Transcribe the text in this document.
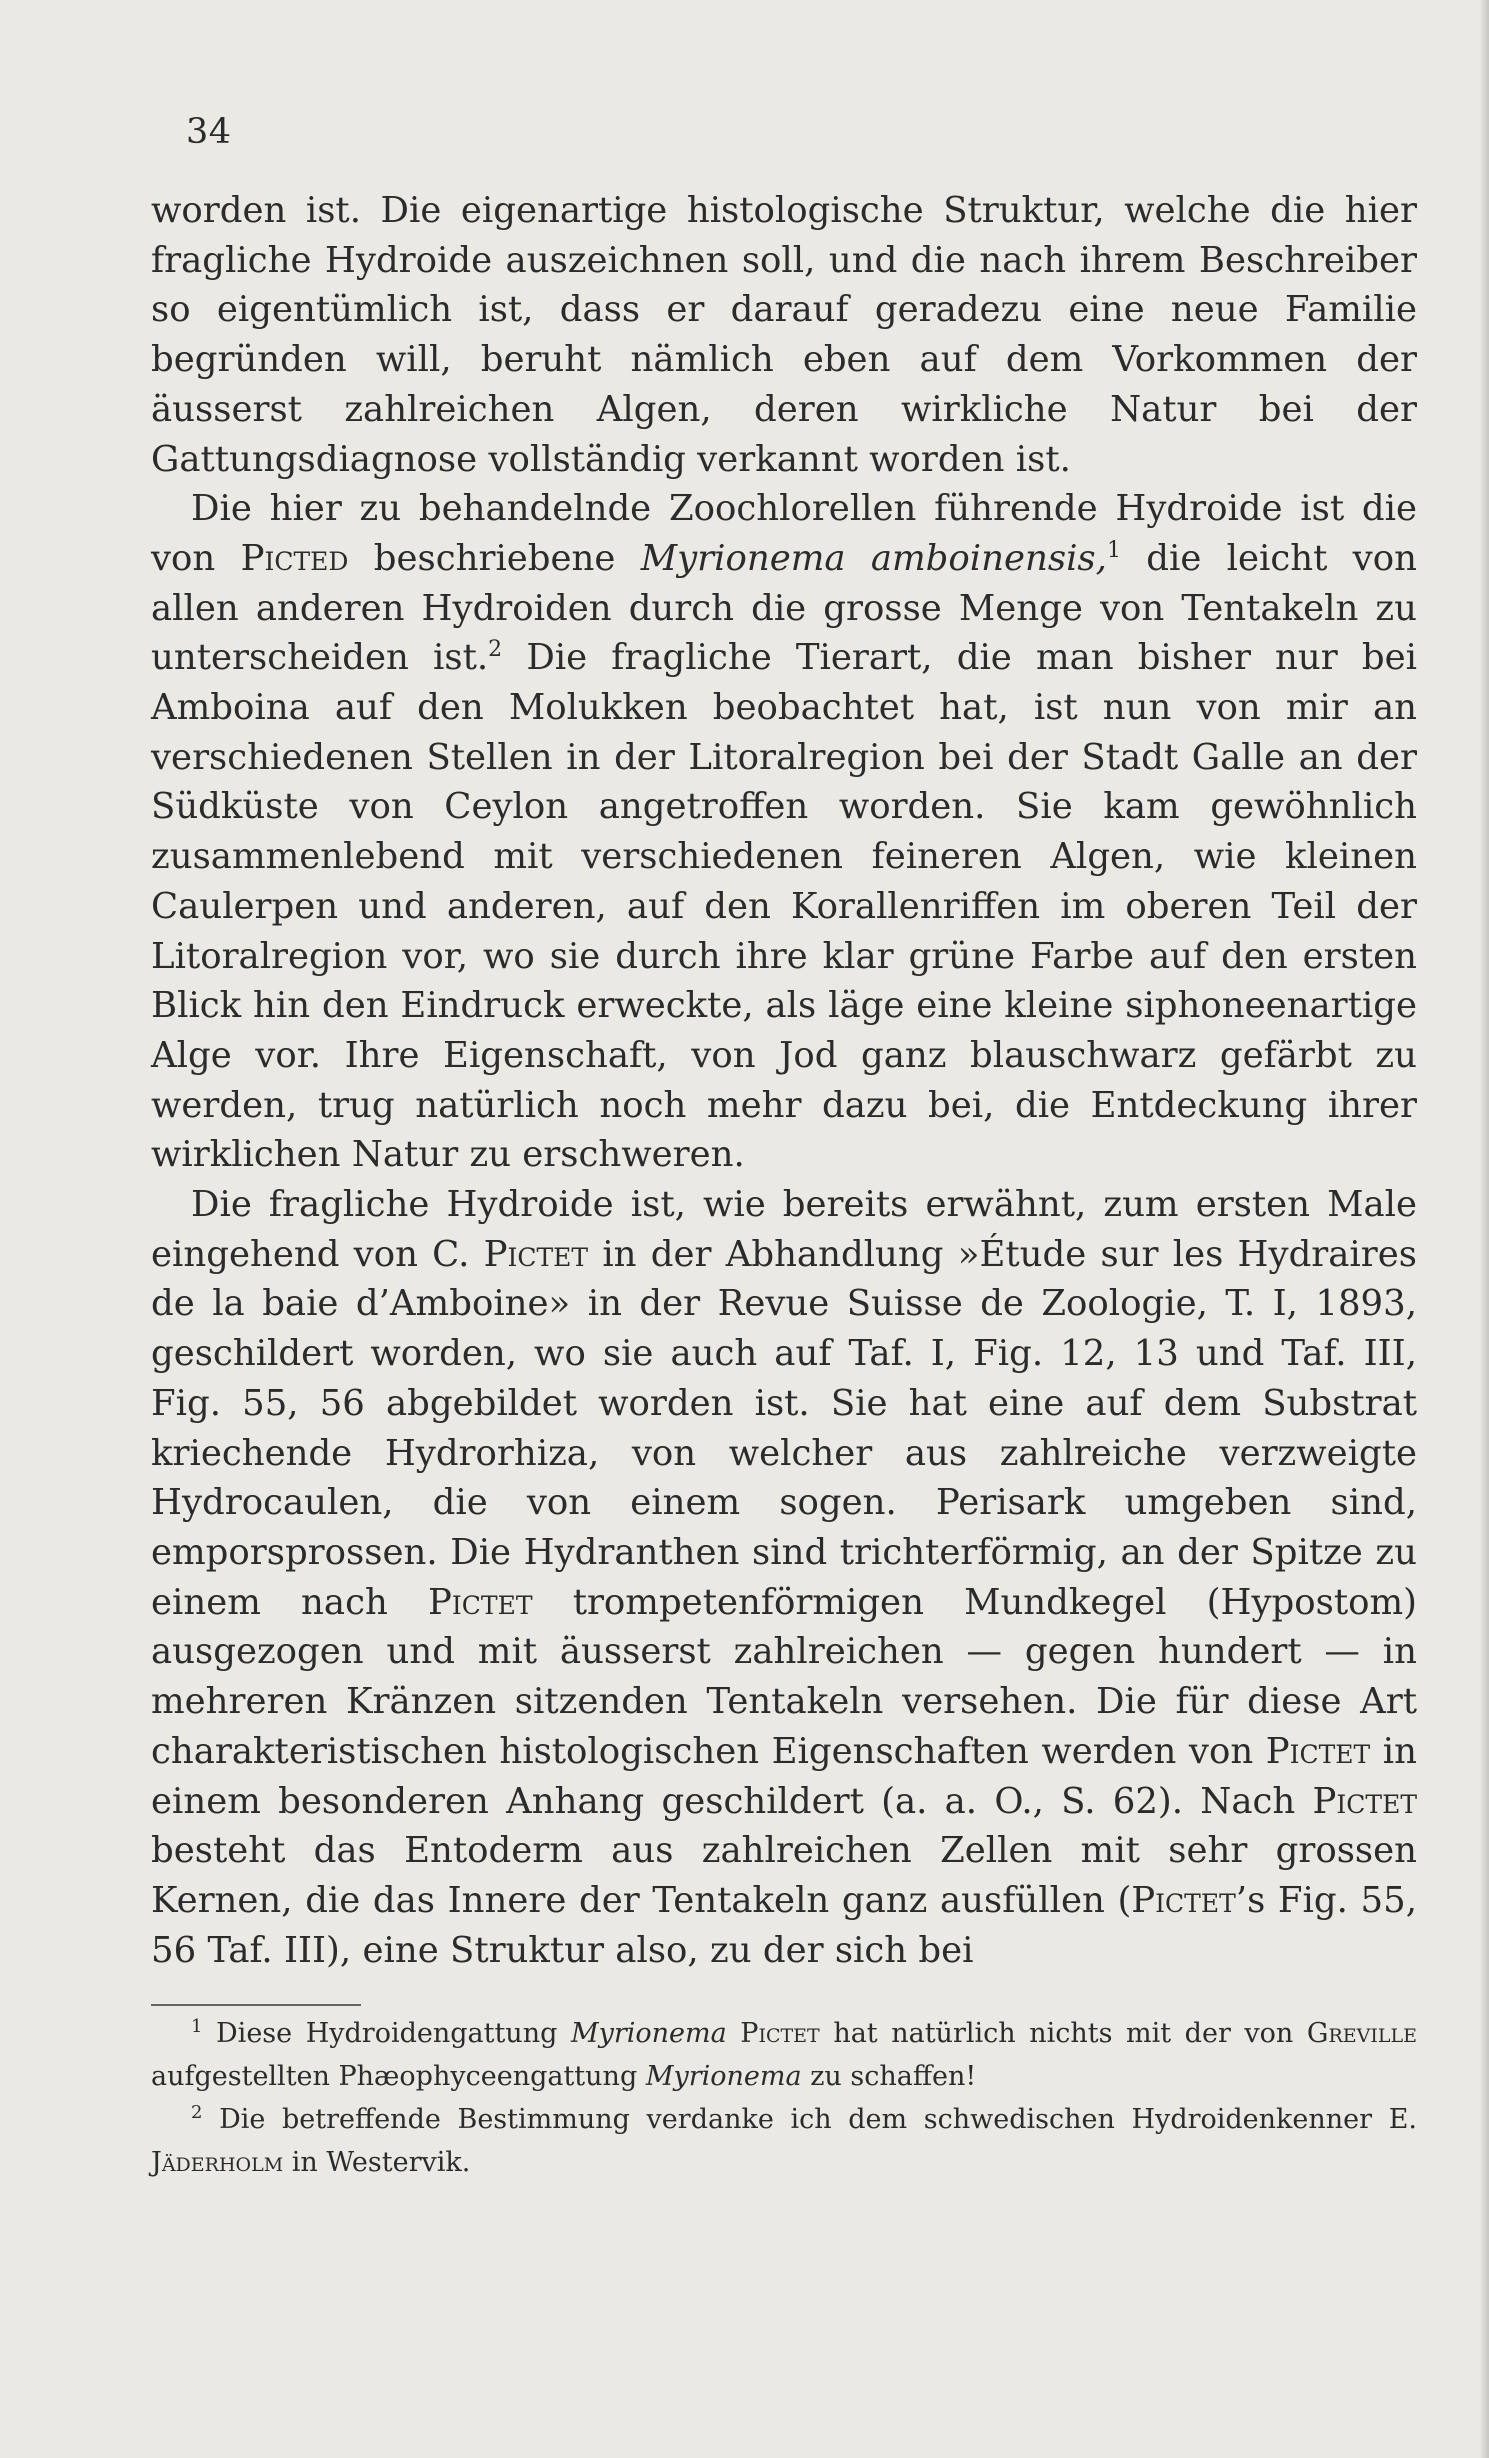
34

worden ist. Die eigenartige histologische Struktur, welche die hier fragliche Hydroide auszeichnen soll, und die nach ihrem Beschreiber so eigentümlich ist, dass er darauf geradezu eine neue Familie begründen will, beruht nämlich eben auf dem Vorkommen der äusserst zahlreichen Algen, deren wirkliche Natur bei der Gattungsdiagnose vollständig verkannt worden ist.

Die hier zu behandelnde Zoochlorellen führende Hydroide ist die von Picted beschriebene Myrionema amboinensis,$^1$ die leicht von allen anderen Hydroiden durch die grosse Menge von Tentakeln zu unterscheiden ist.$^2$ Die fragliche Tierart, die man bisher nur bei Amboina auf den Molukken beobachtet hat, ist nun von mir an verschiedenen Stellen in der Litoralregion bei der Stadt Galle an der Südküste von Ceylon angetroffen worden. Sie kam gewöhnlich zusammenlebend mit verschiedenen feineren Algen, wie kleinen Caulerpen und anderen, auf den Korallenriffen im oberen Teil der Litoralregion vor, wo sie durch ihre klar grüne Farbe auf den ersten Blick hin den Eindruck erweckte, als läge eine kleine siphoneenartige Alge vor. Ihre Eigenschaft, von Jod ganz blauschwarz gefärbt zu werden, trug natürlich noch mehr dazu bei, die Entdeckung ihrer wirklichen Natur zu erschweren.

Die fragliche Hydroide ist, wie bereits erwähnt, zum ersten Male eingehend von C. Pictet in der Abhandlung »Étude sur les Hydraires de la baie d’Amboine» in der Revue Suisse de Zoologie, T. I, 1893, geschildert worden, wo sie auch auf Taf. I, Fig. 12, 13 und Taf. III, Fig. 55, 56 abgebildet worden ist. Sie hat eine auf dem Substrat kriechende Hydrorhiza, von welcher aus zahlreiche verzweigte Hydrocaulen, die von einem sogen. Perisark umgeben sind, emporsprossen. Die Hydranthen sind trichterförmig, an der Spitze zu einem nach Pictet trompetenförmigen Mundkegel (Hypostom) ausgezogen und mit äusserst zahlreichen — gegen hundert — in mehreren Kränzen sitzenden Tentakeln versehen. Die für diese Art charakteristischen histologischen Eigenschaften werden von Pictet in einem besonderen Anhang geschildert (a. a. O., S. 62). Nach Pictet besteht das Entoderm aus zahlreichen Zellen mit sehr grossen Kernen, die das Innere der Tentakeln ganz ausfüllen (Pictet’s Fig. 55, 56 Taf. III), eine Struktur also, zu der sich bei

$^1$ Diese Hydroidengattung Myrionema Pictet hat natürlich nichts mit der von Greville aufgestellten Phæophyceengattung Myrionema zu schaffen!

$^2$ Die betreffende Bestimmung verdanke ich dem schwedischen Hydroidenkenner E. Jäderholm in Westervik.
